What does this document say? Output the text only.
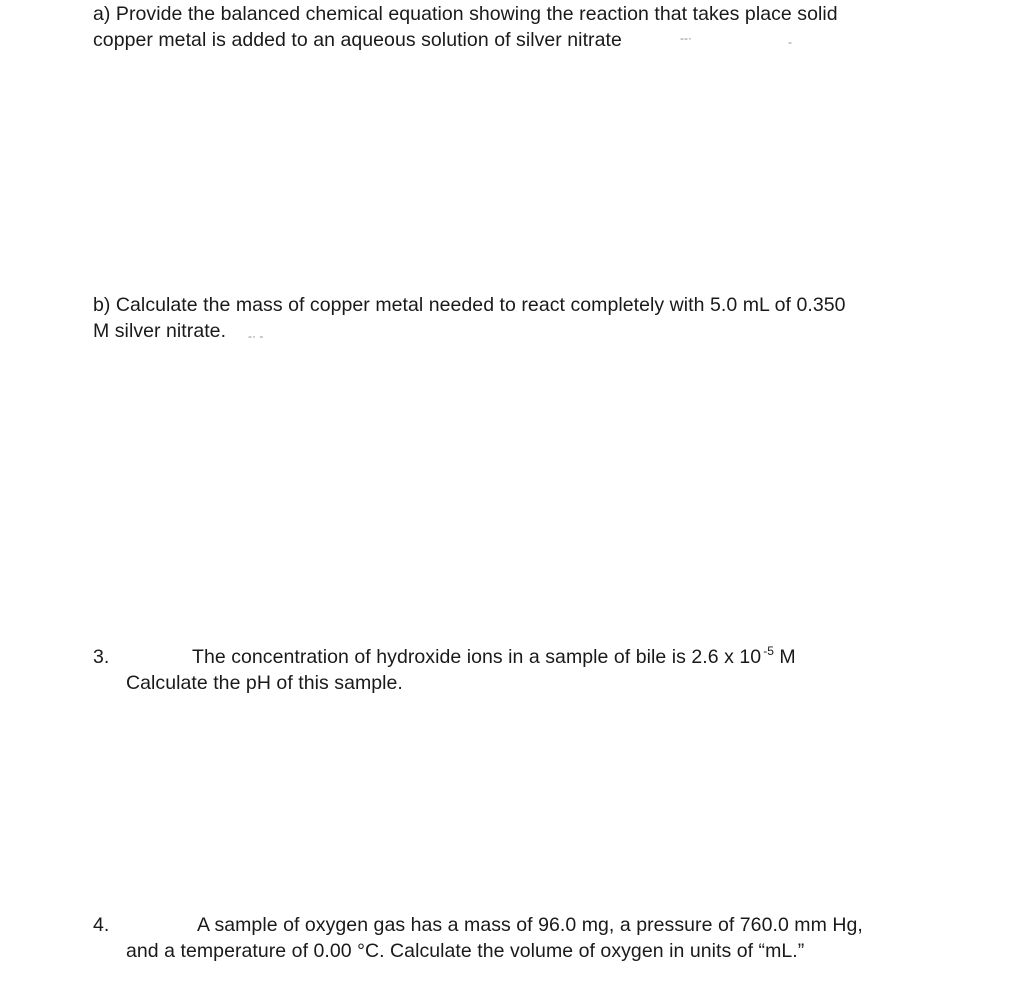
a) Provide the balanced chemical equation showing the reaction that takes place solid
copper metal is added to an aqueous solution of silver nitrate
b) Calculate the mass of copper metal needed to react completely with 5.0 mL of 0.350
M silver nitrate.
3.	The concentration of hydroxide ions in a sample of bile is 2.6 x 10 $^{-5}$ M
Calculate the pH of this sample.
4.	A sample of oxygen gas has a mass of 96.0 mg, a pressure of 760.0 mm Hg,
and a temperature of 0.00 °C. Calculate the volume of oxygen in units of “mL.”
‐‐·	-
‐· ‐
